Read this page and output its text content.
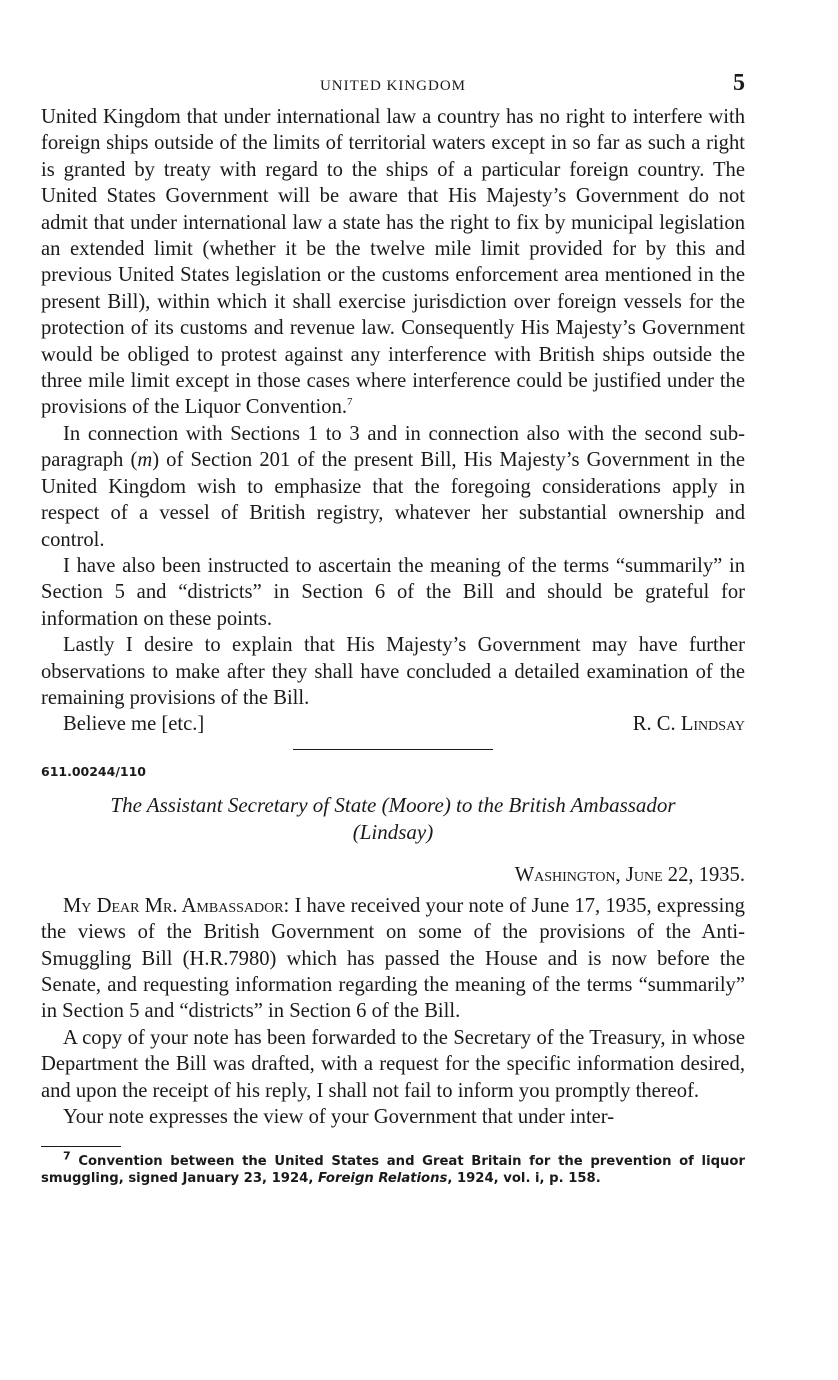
UNITED KINGDOM	5

United Kingdom that under international law a country has no right to interfere with foreign ships outside of the limits of territorial waters except in so far as such a right is granted by treaty with regard to the ships of a particular foreign country. The United States Government will be aware that His Majesty’s Government do not admit that under international law a state has the right to fix by municipal legislation an extended limit (whether it be the twelve mile limit provided for by this and previous United States legislation or the customs enforcement area mentioned in the present Bill), within which it shall exercise jurisdiction over foreign vessels for the protection of its customs and revenue law. Consequently His Majesty’s Government would be obliged to protest against any interference with British ships outside the three mile limit except in those cases where interference could be justified under the provisions of the Liquor Convention.$^7$

In connection with Sections 1 to 3 and in connection also with the second sub-paragraph (m) of Section 201 of the present Bill, His Majesty’s Government in the United Kingdom wish to emphasize that the foregoing considerations apply in respect of a vessel of British registry, whatever her substantial ownership and control.

I have also been instructed to ascertain the meaning of the terms “summarily” in Section 5 and “districts” in Section 6 of the Bill and should be grateful for information on these points.

Lastly I desire to explain that His Majesty’s Government may have further observations to make after they shall have concluded a detailed examination of the remaining provisions of the Bill.

Believe me [etc.]	R. C. Lindsay
611.00244/110
The Assistant Secretary of State (Moore) to the British Ambassador (Lindsay)
Washington, June 22, 1935.

My Dear Mr. Ambassador: I have received your note of June 17, 1935, expressing the views of the British Government on some of the provisions of the Anti-Smuggling Bill (H.R.7980) which has passed the House and is now before the Senate, and requesting information regarding the meaning of the terms “summarily” in Section 5 and “districts” in Section 6 of the Bill.

A copy of your note has been forwarded to the Secretary of the Treasury, in whose Department the Bill was drafted, with a request for the specific information desired, and upon the receipt of his reply, I shall not fail to inform you promptly thereof.

Your note expresses the view of your Government that under inter-

$^7$ Convention between the United States and Great Britain for the prevention of liquor smuggling, signed January 23, 1924, Foreign Relations, 1924, vol. i, p. 158.
